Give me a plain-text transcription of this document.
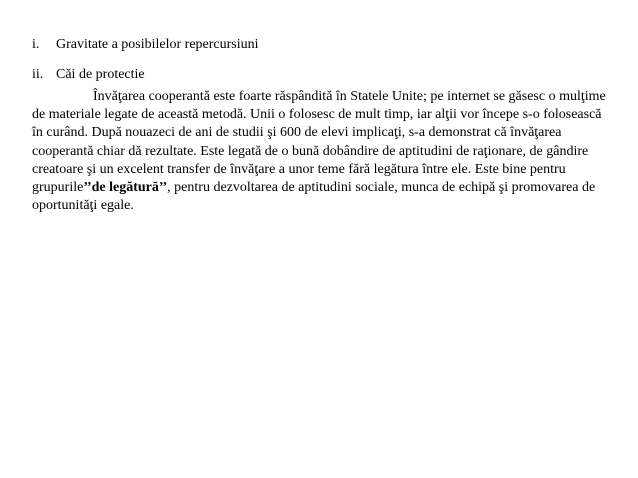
i. Gravitate a posibilelor repercursiuni
ii. Căi de protectie
Învăţarea cooperantă este foarte răspândită în Statele Unite; pe internet se găsesc o mulţime
de materiale legate de această metodă. Unii o folosesc de mult timp, iar alţii vor începe s-o folosească
în curând. După nouazeci de ani de studii şi 600 de elevi implicaţi, s-a demonstrat că învăţarea
cooperantă chiar dă rezultate. Este legată de o bună dobândire de aptitudini de raţionare, de gândire
creatoare şi un excelent transfer de învăţare a unor teme fără legătura între ele. Este bine pentru
grupurile’’de legătură’’, pentru dezvoltarea de aptitudini sociale, munca de echipă şi promovarea de
oportunităţi egale.
